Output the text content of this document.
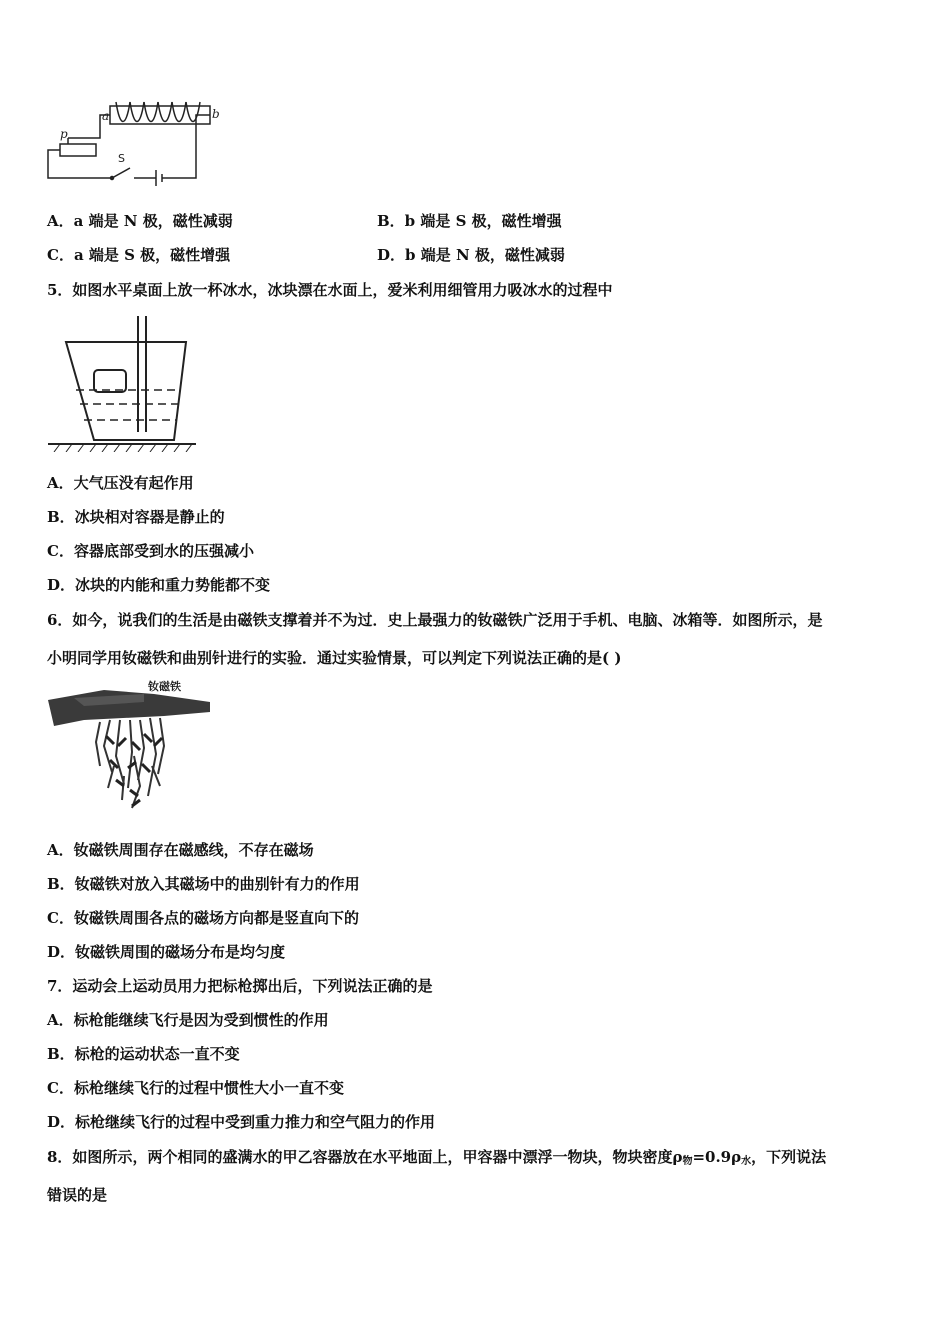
a	b
p
S
A．a 端是 N 极，磁性减弱	B．b 端是 S 极，磁性增强
C．a 端是 S 极，磁性增强	D．b 端是 N 极，磁性减弱
5．如图水平桌面上放一杯冰水，冰块漂在水面上，爱米利用细管用力吸冰水的过程中
A．大气压没有起作用
B．冰块相对容器是静止的
C．容器底部受到水的压强减小
D．冰块的内能和重力势能都不变
6．如今，说我们的生活是由磁铁支撑着并不为过．史上最强力的钕磁铁广泛用于手机、电脑、冰箱等．如图所示，是
小明同学用钕磁铁和曲别针进行的实验．通过实验情景，可以判定下列说法正确的是( )
钕磁铁
A．钕磁铁周围存在磁感线，不存在磁场
B．钕磁铁对放入其磁场中的曲别针有力的作用
C．钕磁铁周围各点的磁场方向都是竖直向下的
D．钕磁铁周围的磁场分布是均匀度
7．运动会上运动员用力把标枪掷出后，下列说法正确的是
A．标枪能继续飞行是因为受到惯性的作用
B．标枪的运动状态一直不变
C．标枪继续飞行的过程中惯性大小一直不变
D．标枪继续飞行的过程中受到重力推力和空气阻力的作用
8．如图所示，两个相同的盛满水的甲乙容器放在水平地面上，甲容器中漂浮一物块，物块密度$\rho_物=0.9\rho_水$，下列说法
错误的是
